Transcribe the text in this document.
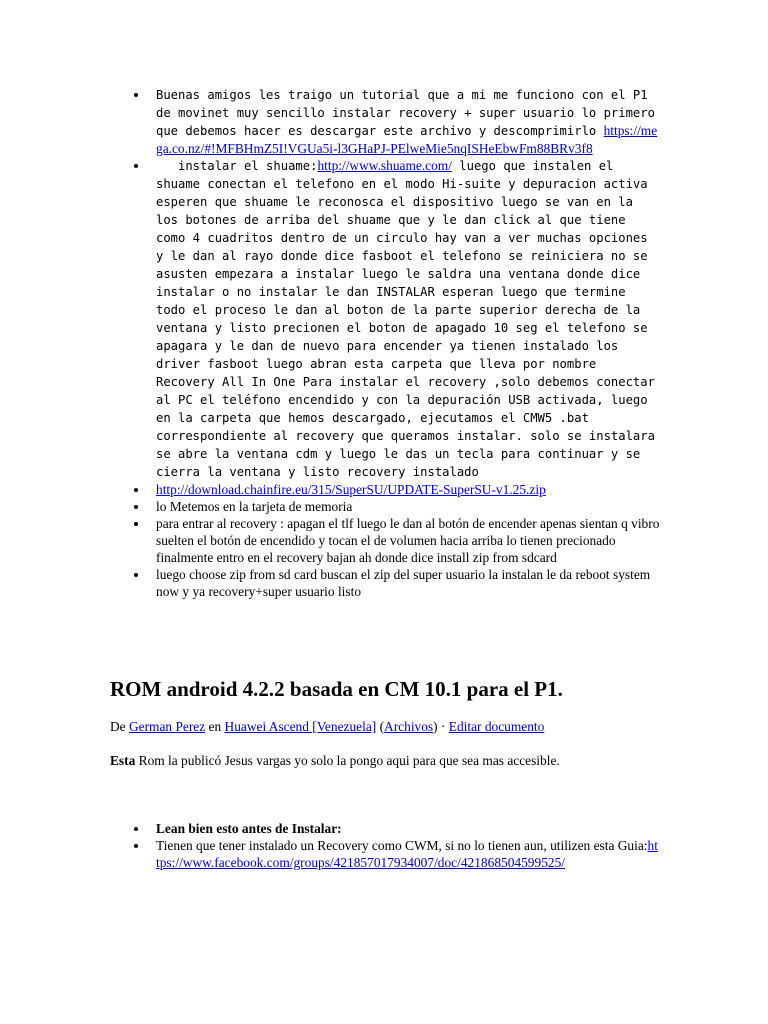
Buenas amigos les traigo un tutorial que a mi me funciono con el P1 de movinet muy sencillo instalar recovery + super usuario lo primero que debemos hacer es descargar este archivo y descomprimirlo https://mega.co.nz/#!MFBHmZ5I!VGUa5i-l3GHaPJ-PElweMie5nqISHeEbwFm88BRv3f8
instalar el shuame:http://www.shuame.com/ luego que instalen el shuame conectan el telefono en el modo Hi-suite y depuracion activa esperen que shuame le reconosca el dispositivo luego se van en la los botones de arriba del shuame que y le dan click al que tiene como 4 cuadritos dentro de un circulo hay van a ver muchas opciones y le dan al rayo donde dice fasboot el telefono se reiniciera no se asusten empezara a instalar luego le saldra una ventana donde dice instalar o no instalar le dan INSTALAR esperan luego que termine todo el proceso le dan al boton de la parte superior derecha de la ventana y listo precionen el boton de apagado 10 seg el telefono se apagara y le dan de nuevo para encender ya tienen instalado los driver fasboot luego abran esta carpeta que lleva por nombre Recovery All In One Para instalar el recovery ,solo debemos conectar al PC el teléfono encendido y con la depuración USB activada, luego en la carpeta que hemos descargado, ejecutamos el CMW5 .bat correspondiente al recovery que queramos instalar. solo se instalara se abre la ventana cdm y luego le das un tecla para continuar y se cierra la ventana y listo recovery instalado
http://download.chainfire.eu/315/SuperSU/UPDATE-SuperSU-v1.25.zip
lo Metemos en la tarjeta de memoria
para entrar al recovery : apagan el tlf luego le dan al botón de encender apenas sientan q vibro suelten el botón de encendido y tocan el de volumen hacia arriba lo tienen precionado finalmente entro en el recovery bajan ah donde dice install zip from sdcard
luego choose zip from sd card buscan el zip del super usuario la instalan le da reboot system now y ya recovery+super usuario listo
ROM android 4.2.2 basada en CM 10.1 para el P1.
De German Perez en Huawei Ascend [Venezuela] (Archivos) · Editar documento
Esta Rom la publicó Jesus vargas yo solo la pongo aqui para que sea mas accesible.
Lean bien esto antes de Instalar:
Tienen que tener instalado un Recovery como CWM, si no lo tienen aun, utilizen esta Guia:https://www.facebook.com/groups/421857017934007/doc/421868504599525/
